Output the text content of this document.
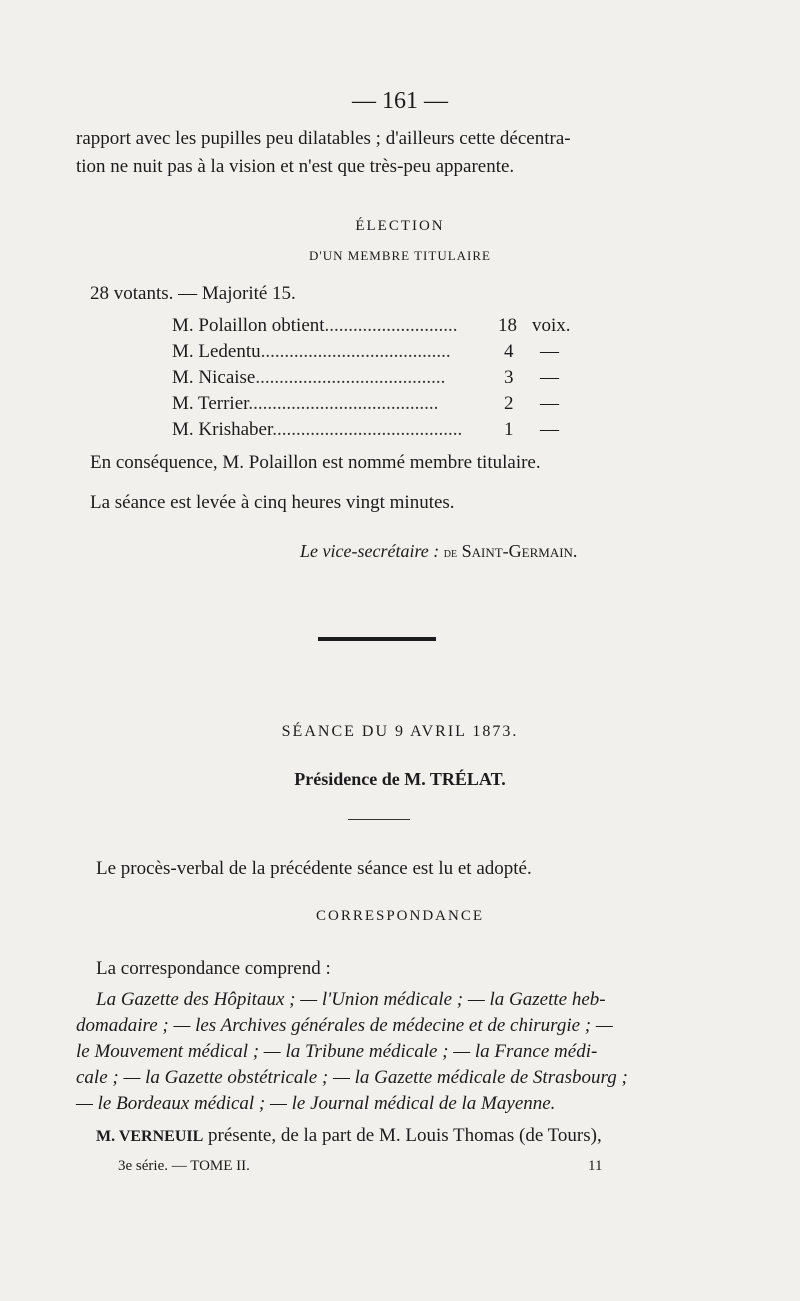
— 161 —
rapport avec les pupilles peu dilatables ; d'ailleurs cette décentra-
tion ne nuit pas à la vision et n'est que très-peu apparente.
ÉLECTION
D'UN MEMBRE TITULAIRE
28 votants. — Majorité 15.
M. Polaillon obtient............................	18 voix.
M. Ledentu........................................	4 —
M. Nicaise........................................	3 —
M. Terrier........................................	2 —
M. Krishaber........................................	1 —
En conséquence, M. Polaillon est nommé membre titulaire.
La séance est levée à cinq heures vingt minutes.
Le vice-secrétaire : de Saint-Germain.
SÉANCE DU 9 AVRIL 1873.
Présidence de M. TRÉLAT.
Le procès-verbal de la précédente séance est lu et adopté.
CORRESPONDANCE
La correspondance comprend :
La Gazette des Hôpitaux ; — l'Union médicale ; — la Gazette heb-
domadaire ; — les Archives générales de médecine et de chirurgie ; —
le Mouvement médical ; — la Tribune médicale ; — la France médi-
cale ; — la Gazette obstétricale ; — la Gazette médicale de Strasbourg ;
— le Bordeaux médical ; — le Journal médical de la Mayenne.
M. VERNEUIL présente, de la part de M. Louis Thomas (de Tours),
3e série. — TOME II.	11
